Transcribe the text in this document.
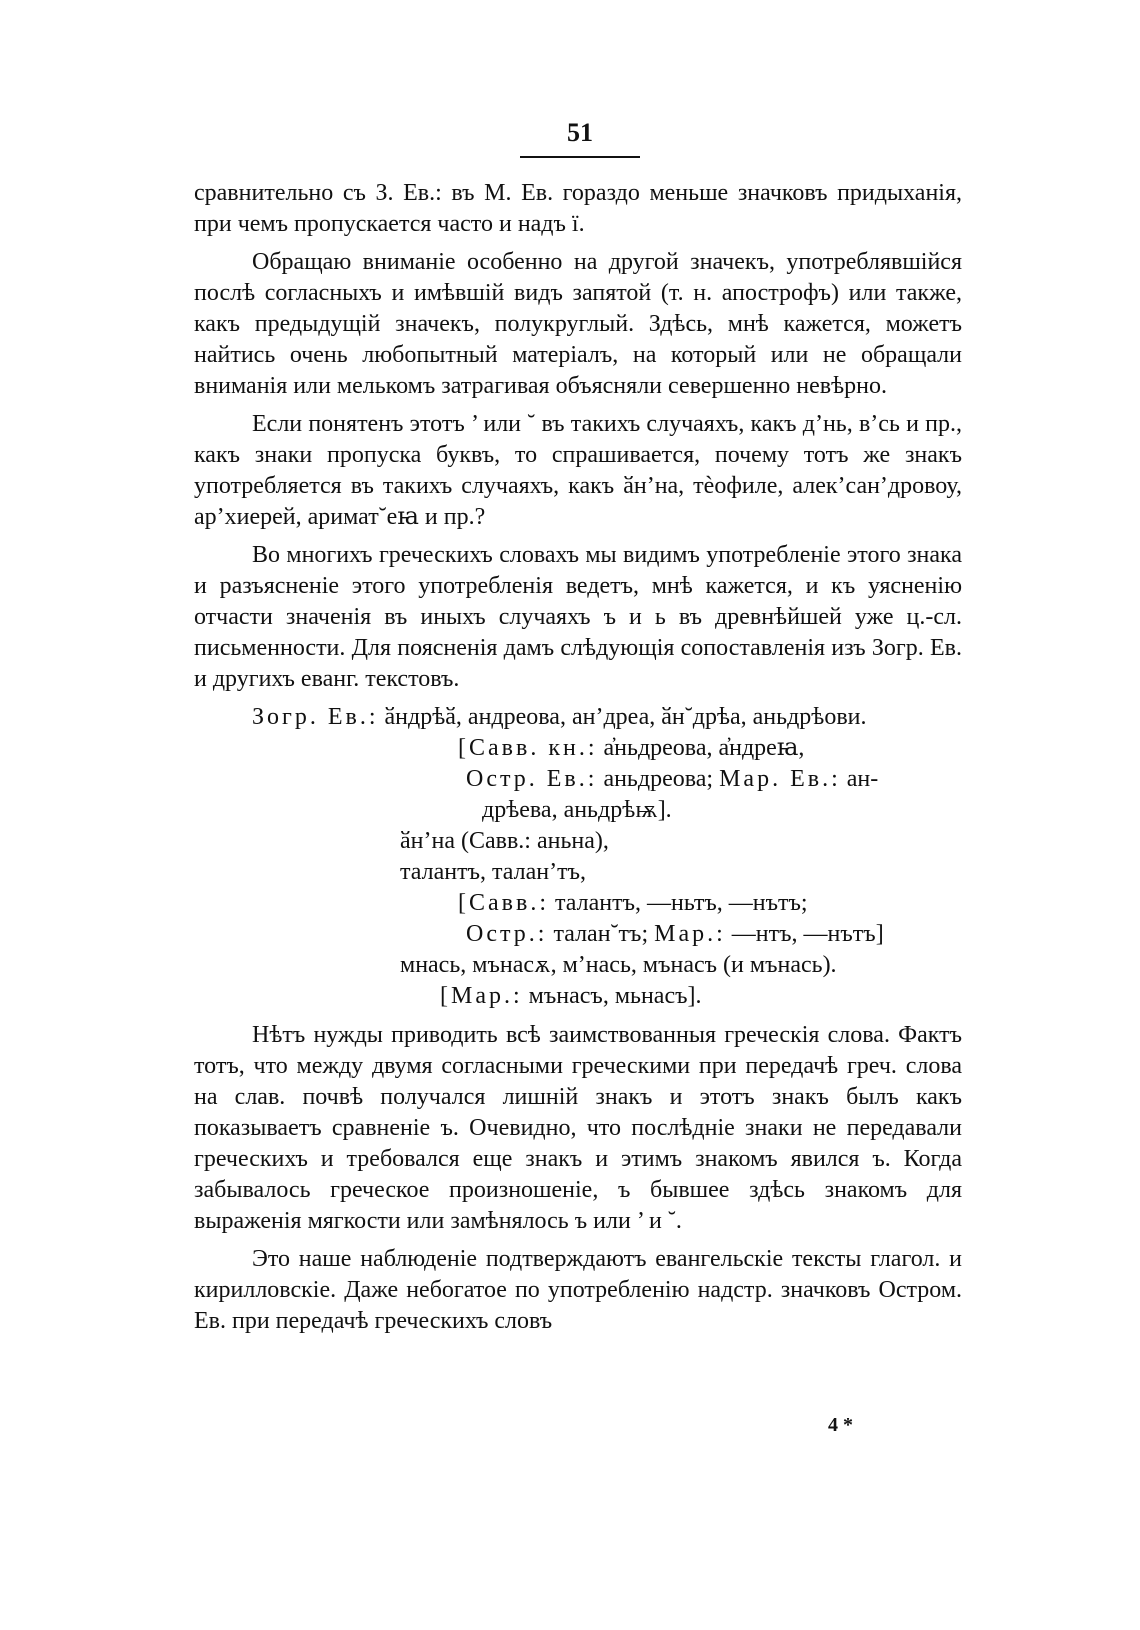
51

сравнительно съ З. Ев.: въ М. Ев. гораздо меньше значковъ придыханія, при чемъ пропускается часто и надъ ї.

Обращаю вниманіе особенно на другой значекъ, употреблявшійся послѣ согласныхъ и имѣвшій видъ запятой (т. н. апострофъ) или также, какъ предыдущій значекъ, полукруглый. Здѣсь, мнѣ кажется, можетъ найтись очень любопытный матеріалъ, на который или не обращали вниманія или мелькомъ затрагивая объясняли севершенно невѣрно.

Если понятенъ этотъ ’ или ˘ въ такихъ случаяхъ, какъ д’нь, в’сь и пр., какъ знаки пропуска буквъ, то спрашивается, почему тотъ же знакъ употребляется въ такихъ случаяхъ, какъ ӑн’на, тѐофиле, алек’сан’дровоу, ар’хиерей, аримат˘еꙗ и пр.?

Во многихъ греческихъ словахъ мы видимъ употребленіе этого знака и разъясненіе этого употребленія ведетъ, мнѣ кажется, и къ уясненію отчасти значенія въ иныхъ случаяхъ ъ и ь въ древнѣйшей уже ц.-сл. письменности. Для поясненія дамъ слѣдующія сопоставленія изъ Зогр. Ев. и другихъ еванг. текстовъ.

Зогр. Ев.: ӑндрѣӑ, андреова, ан’дреа, ӑн˘дрѣа, аньдрѣови.
[Савв. кн.: а҆ньдреова, а҆ндреꙗ,
Остр. Ев.: аньдреова; Мар. Ев.: ан-
дрѣева, аньдрѣѭ].
ӑн’на (Савв.: аньна),
талантъ, талан’тъ,
[Савв.: талантъ, —ньтъ, —нътъ;
Остр.: талан˘тъ; Мар.: —нтъ, —нътъ]
мнась, мънасѫ, м’нась, мънасъ (и мънась).
[Мар.: мънасъ, мьнасъ].

Нѣтъ нужды приводить всѣ заимствованныя греческія слова. Фактъ тотъ, что между двумя согласными греческими при передачѣ греч. слова на слав. почвѣ получался лишній знакъ и этотъ знакъ былъ какъ показываетъ сравненіе ъ. Очевидно, что послѣдніе знаки не передавали греческихъ и требовался еще знакъ и этимъ знакомъ явился ъ. Когда забывалось греческое произношеніе, ъ бывшее здѣсь знакомъ для выраженія мягкости или замѣнялось ъ или ’ и ˘.

Это наше наблюденіе подтверждаютъ евангельскіе тексты глагол. и кирилловскіе. Даже небогатое по употребленію надстр. значковъ Остром. Ев. при передачѣ греческихъ словъ

4 *
